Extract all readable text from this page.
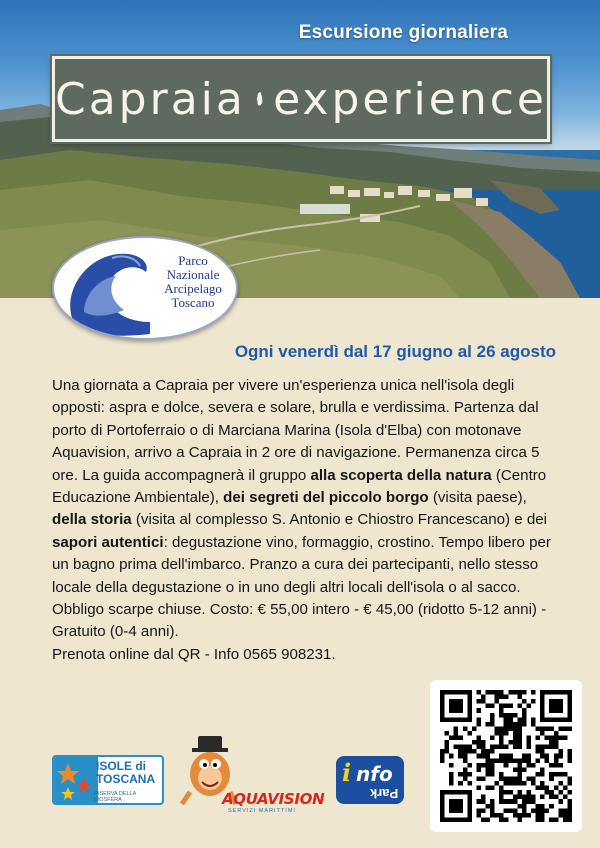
Escursione giornaliera
Capraia experience
Parco
Nazionale
Arcipelago
Toscano
Ogni venerdì dal 17 giugno al 26 agosto
Una giornata a Capraia per vivere un'esperienza unica nell'isola degli opposti: aspra e dolce, severa e solare, brulla e verdissima. Partenza dal porto di Portoferraio o di Marciana Marina (Isola d'Elba) con motonave Aquavision, arrivo a Capraia in 2 ore di navigazione. Permanenza circa 5 ore. La guida accompagnerà il gruppo alla scoperta della natura (Centro Educazione Ambientale), dei segreti del piccolo borgo (visita paese), della storia (visita al complesso S. Antonio e Chiostro Francescano) e dei sapori autentici: degustazione vino, formaggio, crostino. Tempo libero per un bagno prima dell'imbarco. Pranzo a cura dei partecipanti, nello stesso locale della degustazione o in uno degli altri locali dell'isola o al sacco. Obbligo scarpe chiuse. Costo: € 55,00 intero - € 45,00 (ridotto 5-12 anni) - Gratuito (0-4 anni).
Prenota online dal QR - Info 0565 908231.
ISOLE di
TOSCANA
RISERVA DELLA BIOSFERA	AQUAVISION
SERVIZI MARITTIMI
i nfo
Park
